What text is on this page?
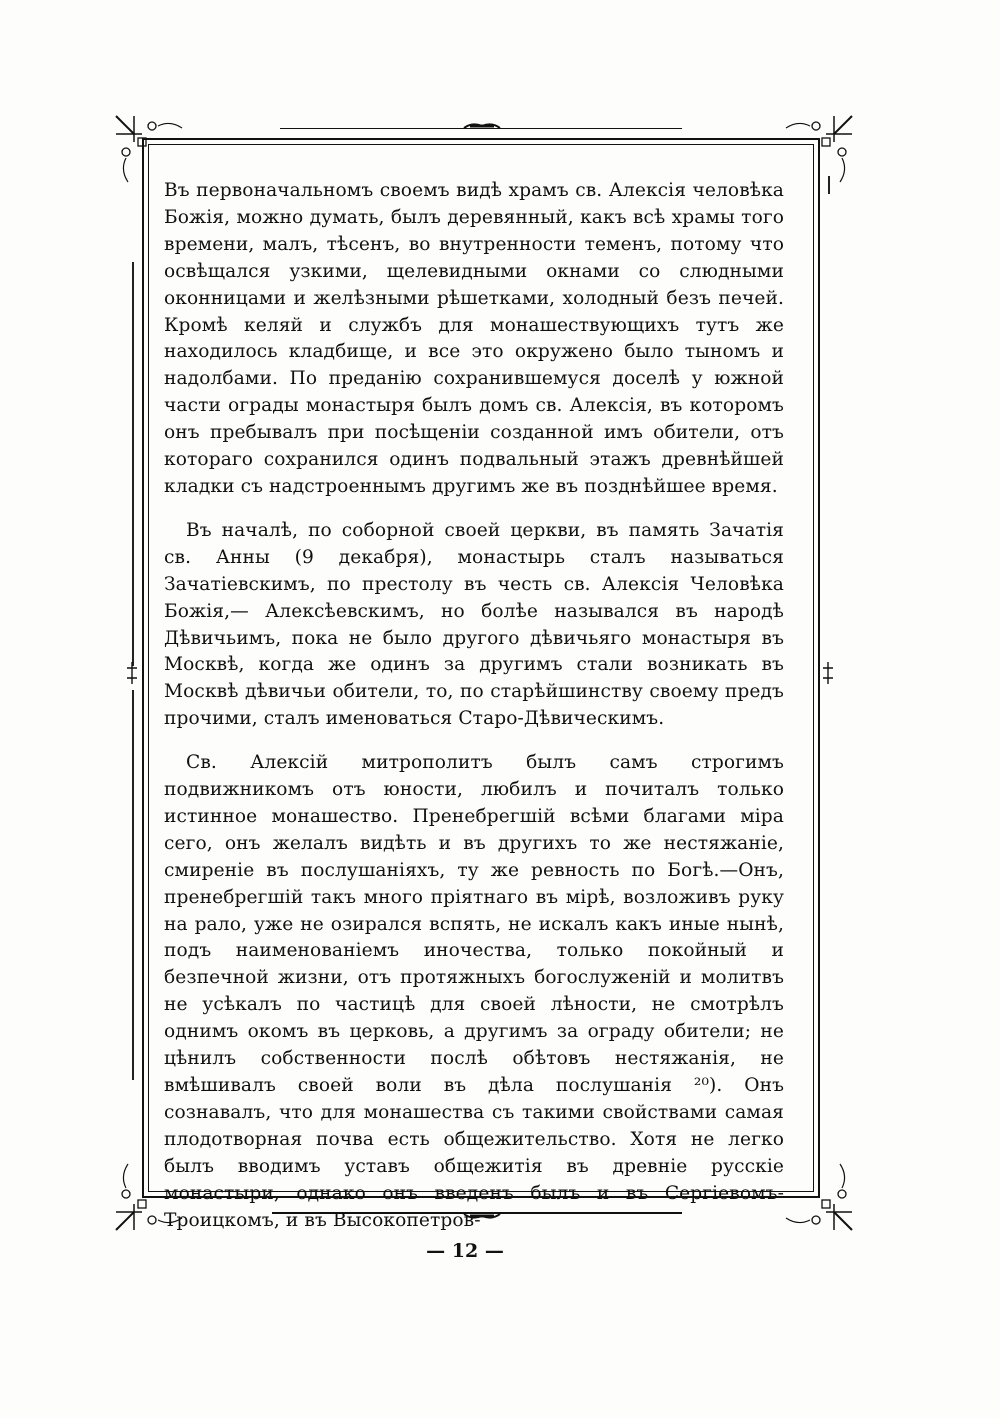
Въ первоначальномъ своемъ видѣ храмъ св. Алексія человѣка Божія, можно думать, былъ деревянный, какъ всѣ храмы того времени, малъ, тѣсенъ, во внутренности теменъ, потому что освѣщался узкими, щелевидными окнами со слюдными оконницами и желѣзными рѣшетками, холодный безъ печей. Кромѣ келяй и службъ для монашествующихъ тутъ же находилось кладбище, и все это окружено было тыномъ и надолбами. По преданію сохранившемуся доселѣ у южной части ограды монастыря былъ домъ св. Алексія, въ которомъ онъ пребывалъ при посѣщеніи созданной имъ обители, отъ котораго сохранился одинъ подвальный этажъ древнѣйшей кладки съ надстроеннымъ другимъ же въ позднѣйшее время.

Въ началѣ, по соборной своей церкви, въ память Зачатія св. Анны (9 декабря), монастырь сталъ называться Зачатіевскимъ, по престолу въ честь св. Алексія Человѣка Божія,— Алексѣевскимъ, но болѣе назывался въ народѣ Дѣвичьимъ, пока не было другого дѣвичьяго монастыря въ Москвѣ, когда же одинъ за другимъ стали возникать въ Москвѣ дѣвичьи обители, то, по старѣйшинству своему предъ прочими, сталъ именоваться Старо-Дѣвическимъ.

Св. Алексій митрополитъ былъ самъ строгимъ подвижникомъ отъ юности, любилъ и почиталъ только истинное монашество. Пренебрегшій всѣми благами міра сего, онъ желалъ видѣть и въ другихъ то же нестяжаніе, смиреніе въ послушаніяхъ, ту же ревность по Богѣ.—Онъ, пренебрегшій такъ много пріятнаго въ мірѣ, возложивъ руку на рало, уже не озирался вспять, не искалъ какъ иные нынѣ, подъ наименованіемъ иночества, только покойный и безпечной жизни, отъ протяжныхъ богослуженій и молитвъ не усѣкалъ по частицѣ для своей лѣности, не смотрѣлъ однимъ окомъ въ церковь, а другимъ за ограду обители; не цѣнилъ собственности послѣ обѣтовъ нестяжанія, не вмѣшивалъ своей воли въ дѣла послушанія ²⁰). Онъ сознавалъ, что для монашества съ такими свойствами самая плодотворная почва есть общежительство. Хотя не легко былъ вводимъ уставъ общежитія въ древніе русскіе монастыри, однако онъ введенъ былъ и въ Сергіевомъ-Троицкомъ, и въ Высокопетров-

— 12 —
